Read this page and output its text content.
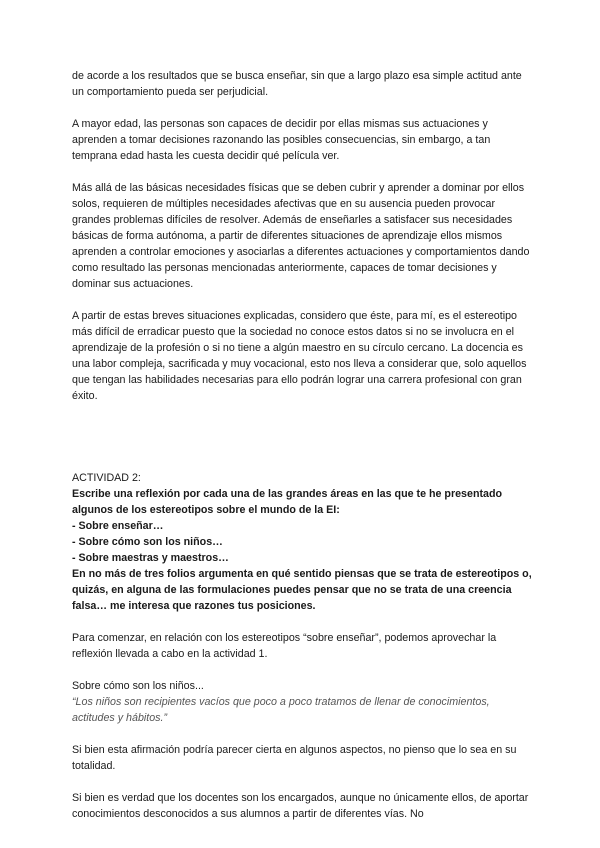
de acorde a los resultados que se busca enseñar, sin que a largo plazo esa simple actitud ante un comportamiento pueda ser perjudicial.

A mayor edad, las personas son capaces de decidir por ellas mismas sus actuaciones y aprenden a tomar decisiones razonando las posibles consecuencias, sin embargo, a tan temprana edad hasta les cuesta decidir qué película ver.

Más allá de las básicas necesidades físicas que se deben cubrir y aprender a dominar por ellos solos, requieren de múltiples necesidades afectivas que en su ausencia pueden provocar grandes problemas difíciles de resolver. Además de enseñarles a satisfacer sus necesidades básicas de forma autónoma, a partir de diferentes situaciones de aprendizaje ellos mismos aprenden a controlar emociones y asociarlas a diferentes actuaciones y comportamientos dando como resultado las personas mencionadas anteriormente, capaces de tomar decisiones y dominar sus actuaciones.

A partir de estas breves situaciones explicadas, considero que éste, para mí, es el estereotipo más difícil de erradicar puesto que la sociedad no conoce estos datos si no se involucra en el aprendizaje de la profesión o si no tiene a algún maestro en su círculo cercano. La docencia es una labor compleja, sacrificada y muy vocacional, esto nos lleva a considerar que, solo aquellos que tengan las habilidades necesarias para ello podrán lograr una carrera profesional con gran éxito.

ACTIVIDAD 2:
Escribe una reflexión por cada una de las grandes áreas en las que te he presentado algunos de los estereotipos sobre el mundo de la EI:
- Sobre enseñar…
- Sobre cómo son los niños…
- Sobre maestras y maestros…
En no más de tres folios argumenta en qué sentido piensas que se trata de estereotipos o, quizás, en alguna de las formulaciones puedes pensar que no se trata de una creencia falsa… me interesa que razones tus posiciones.

Para comenzar, en relación con los estereotipos “sobre enseñar”, podemos aprovechar la reflexión llevada a cabo en la actividad 1.

Sobre cómo son los niños...
“Los niños son recipientes vacíos que poco a poco tratamos de llenar de conocimientos, actitudes y hábitos.”

Si bien esta afirmación podría parecer cierta en algunos aspectos, no pienso que lo sea en su totalidad.

Si bien es verdad que los docentes son los encargados, aunque no únicamente ellos, de aportar conocimientos desconocidos a sus alumnos a partir de diferentes vías. No
